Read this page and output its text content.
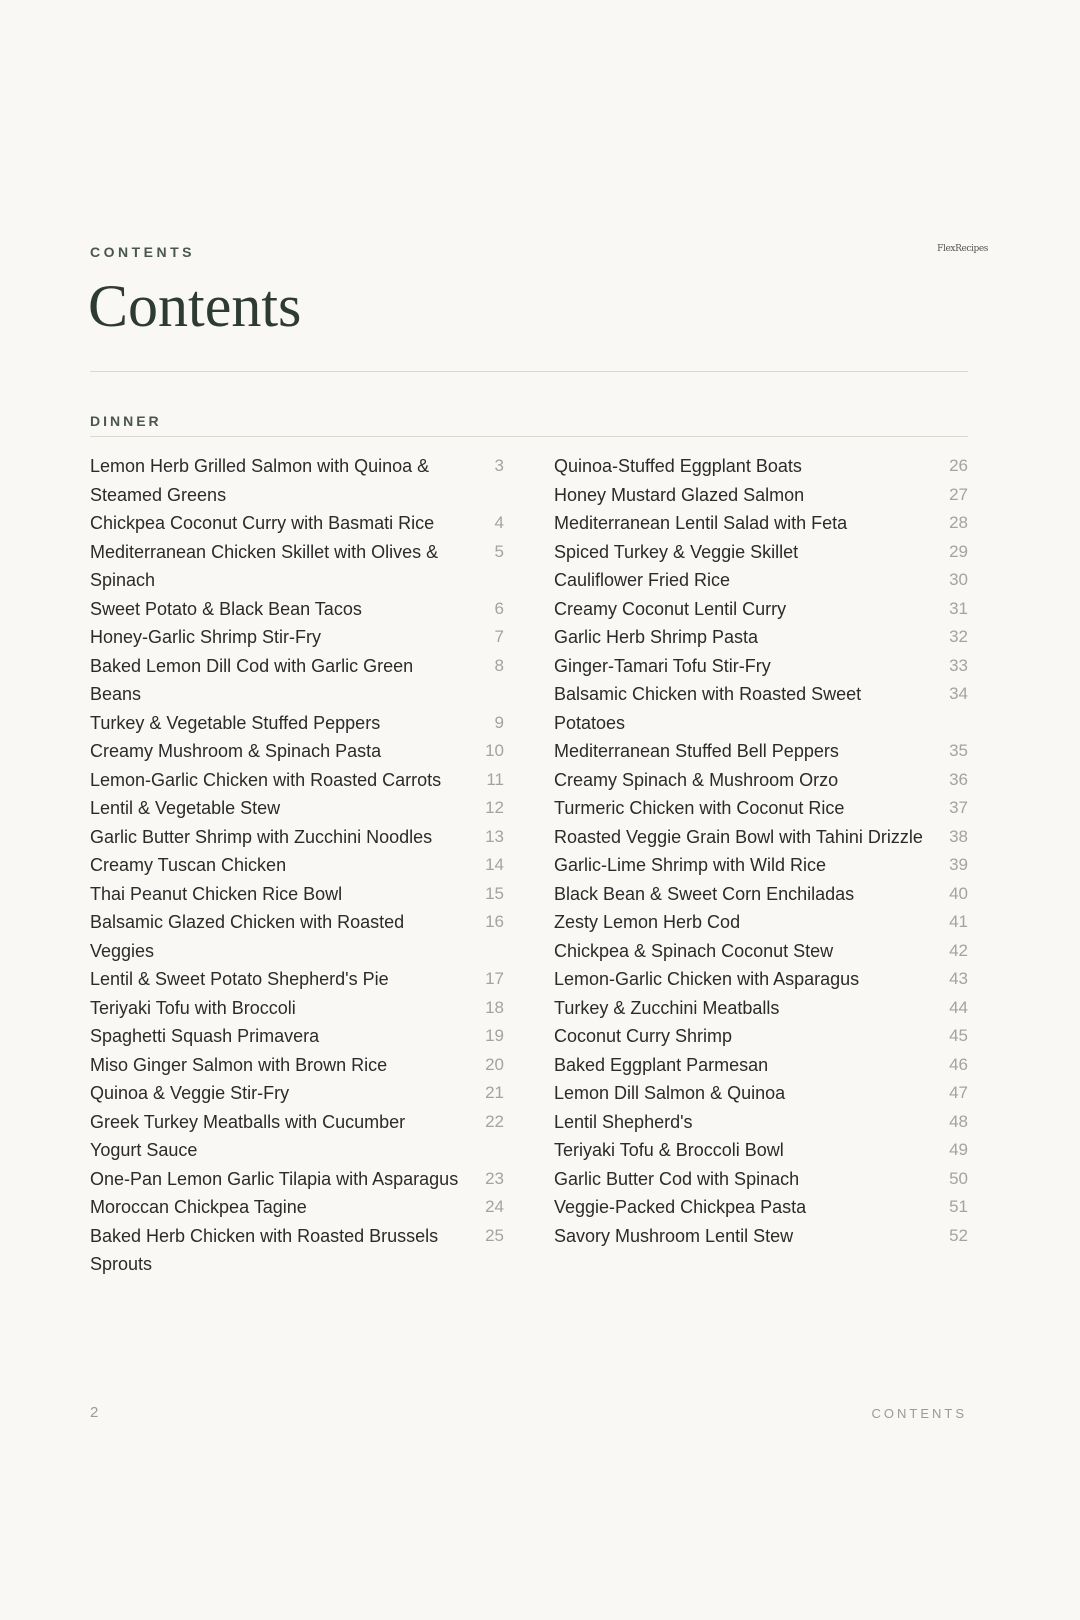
CONTENTS	FlexRecipes
Contents
DINNER
Lemon Herb Grilled Salmon with Quinoa & Steamed Greens
3
Chickpea Coconut Curry with Basmati Rice	4
Mediterranean Chicken Skillet with Olives & Spinach
5
Sweet Potato & Black Bean Tacos	6
Honey-Garlic Shrimp Stir-Fry	7
Baked Lemon Dill Cod with Garlic Green Beans
8
Turkey & Vegetable Stuffed Peppers	9
Creamy Mushroom & Spinach Pasta	10
Lemon-Garlic Chicken with Roasted Carrots	11
Lentil & Vegetable Stew	12
Garlic Butter Shrimp with Zucchini Noodles	13
Creamy Tuscan Chicken	14
Thai Peanut Chicken Rice Bowl	15
Balsamic Glazed Chicken with Roasted Veggies
16
Lentil & Sweet Potato Shepherd's Pie	17
Teriyaki Tofu with Broccoli	18
Spaghetti Squash Primavera	19
Miso Ginger Salmon with Brown Rice	20
Quinoa & Veggie Stir-Fry	21
Greek Turkey Meatballs with Cucumber Yogurt Sauce
22
One-Pan Lemon Garlic Tilapia with Asparagus 23
Moroccan Chickpea Tagine	24
Baked Herb Chicken with Roasted Brussels Sprouts
25
Quinoa-Stuffed Eggplant Boats	26
Honey Mustard Glazed Salmon	27
Mediterranean Lentil Salad with Feta	28
Spiced Turkey & Veggie Skillet	29
Cauliflower Fried Rice	30
Creamy Coconut Lentil Curry	31
Garlic Herb Shrimp Pasta	32
Ginger-Tamari Tofu Stir-Fry	33
Balsamic Chicken with Roasted Sweet Potatoes
34
Mediterranean Stuffed Bell Peppers	35
Creamy Spinach & Mushroom Orzo	36
Turmeric Chicken with Coconut Rice	37
Roasted Veggie Grain Bowl with Tahini Drizzle 38
Garlic-Lime Shrimp with Wild Rice	39
Black Bean & Sweet Corn Enchiladas	40
Zesty Lemon Herb Cod	41
Chickpea & Spinach Coconut Stew	42
Lemon-Garlic Chicken with Asparagus	43
Turkey & Zucchini Meatballs	44
Coconut Curry Shrimp	45
Baked Eggplant Parmesan	46
Lemon Dill Salmon & Quinoa	47
Lentil Shepherd's	48
Teriyaki Tofu & Broccoli Bowl	49
Garlic Butter Cod with Spinach	50
Veggie-Packed Chickpea Pasta	51
Savory Mushroom Lentil Stew	52
2	CONTENTS
